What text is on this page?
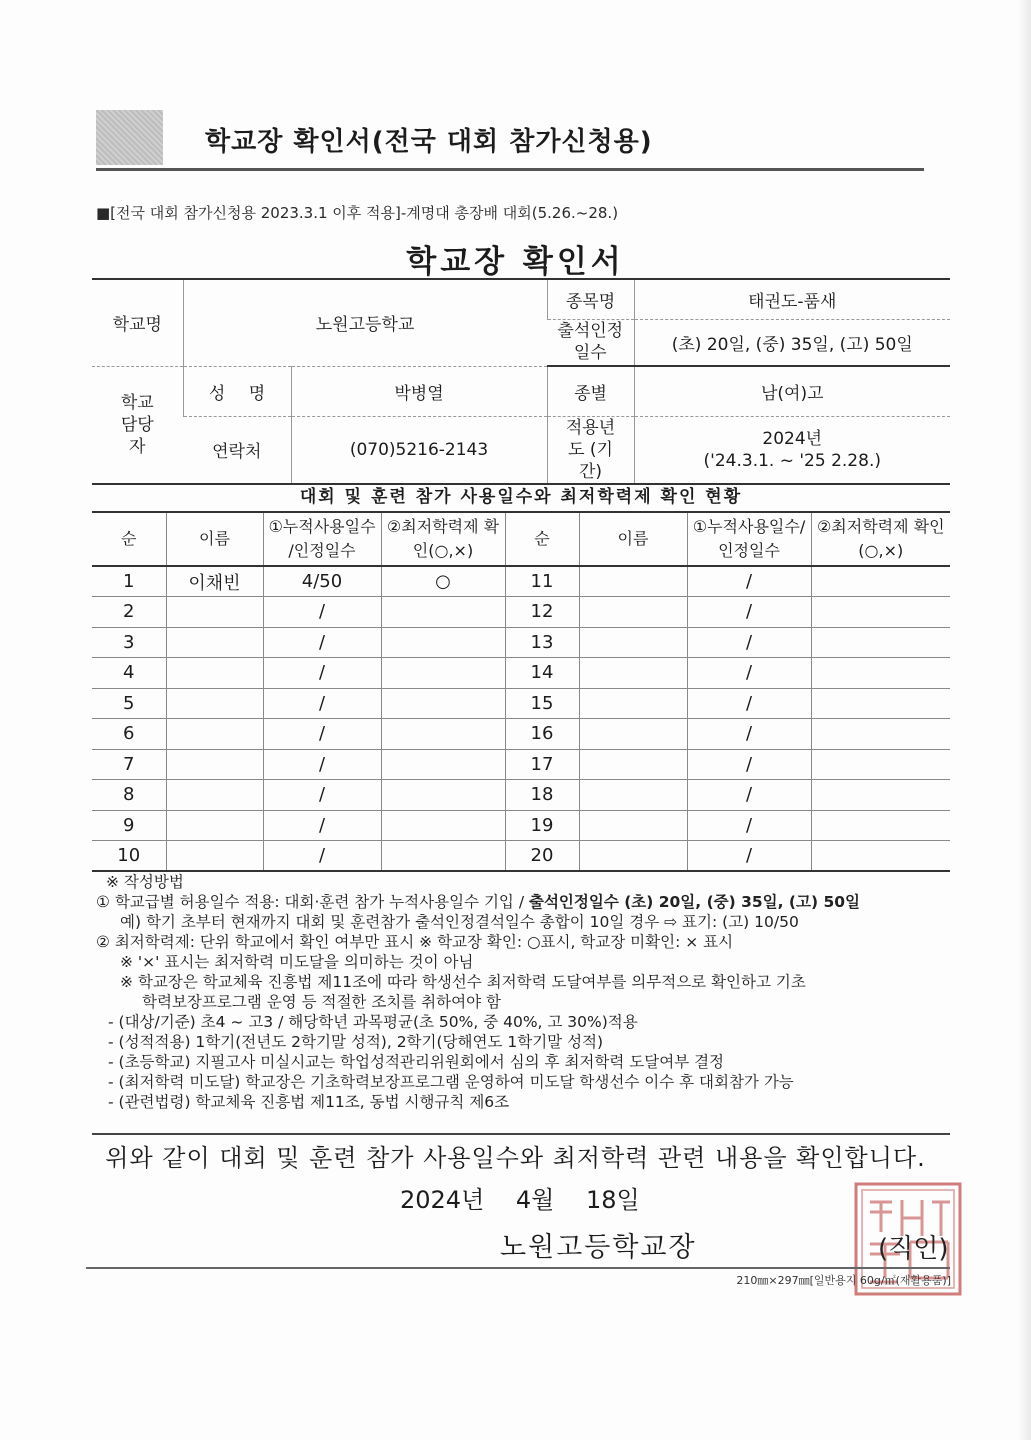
학교장 확인서(전국 대회 참가신청용)
■[전국 대회 참가신청용 2023.3.1 이후 적용]-계명대 총장배 대회(5.26.~28.)
학교장 확인서
학교명	노원고등학교		종목명	태권도-품새
			출석인정 일수	(초) 20일, (중) 35일, (고) 50일
학교 담당자	성 명	박병열	종별	남(여)고
	연락처	(070)5216-2143	적용년도 (기간)	2024년
('24.3.1. ~ '25 2.28.)
대회 및 훈련 참가 사용일수와 최저학력제 확인 현황
순	이름	①누적사용일수 /인정일수	②최저학력제 확인(○,×)	순	이름	①누적사용일수/ 인정일수	②최저학력제 확인(○,×)
1	이채빈	4/50	○	11		/	
2		/		12		/	
3		/		13		/	
4		/		14		/	
5		/		15		/	
6		/		16		/	
7		/		17		/	
8		/		18		/	
9		/		19		/	
10		/		20		/	
※ 작성방법
① 학교급별 허용일수 적용: 대회·훈련 참가 누적사용일수 기입 / 출석인정일수 (초) 20일, (중) 35일, (고) 50일
예) 학기 초부터 현재까지 대회 및 훈련참가 출석인정결석일수 총합이 10일 경우 ⇨ 표기: (고) 10/50
② 최저학력제: 단위 학교에서 확인 여부만 표시 ※ 학교장 확인: ○표시, 학교장 미확인: × 표시
※ '×' 표시는 최저학력 미도달을 의미하는 것이 아님
※ 학교장은 학교체육 진흥법 제11조에 따라 학생선수 최저학력 도달여부를 의무적으로 확인하고 기초
학력보장프로그램 운영 등 적절한 조치를 취하여야 함
- (대상/기준) 초4 ~ 고3 / 해당학년 과목평균(초 50%, 중 40%, 고 30%)적용
- (성적적용) 1학기(전년도 2학기말 성적), 2학기(당해연도 1학기말 성적)
- (초등학교) 지필고사 미실시교는 학업성적관리위원회에서 심의 후 최저학력 도달여부 결정
- (최저학력 미도달) 학교장은 기초학력보장프로그램 운영하여 미도달 학생선수 이수 후 대회참가 가능
- (관련법령) 학교체육 진흥법 제11조, 동법 시행규칙 제6조
위와 같이 대회 및 훈련 참가 사용일수와 최저학력 관련 내용을 확인합니다.
2024년 4월 18일
노원고등학교장	(직인)
210㎜×297㎜[일반용지 60g/㎡(재활용품)]
